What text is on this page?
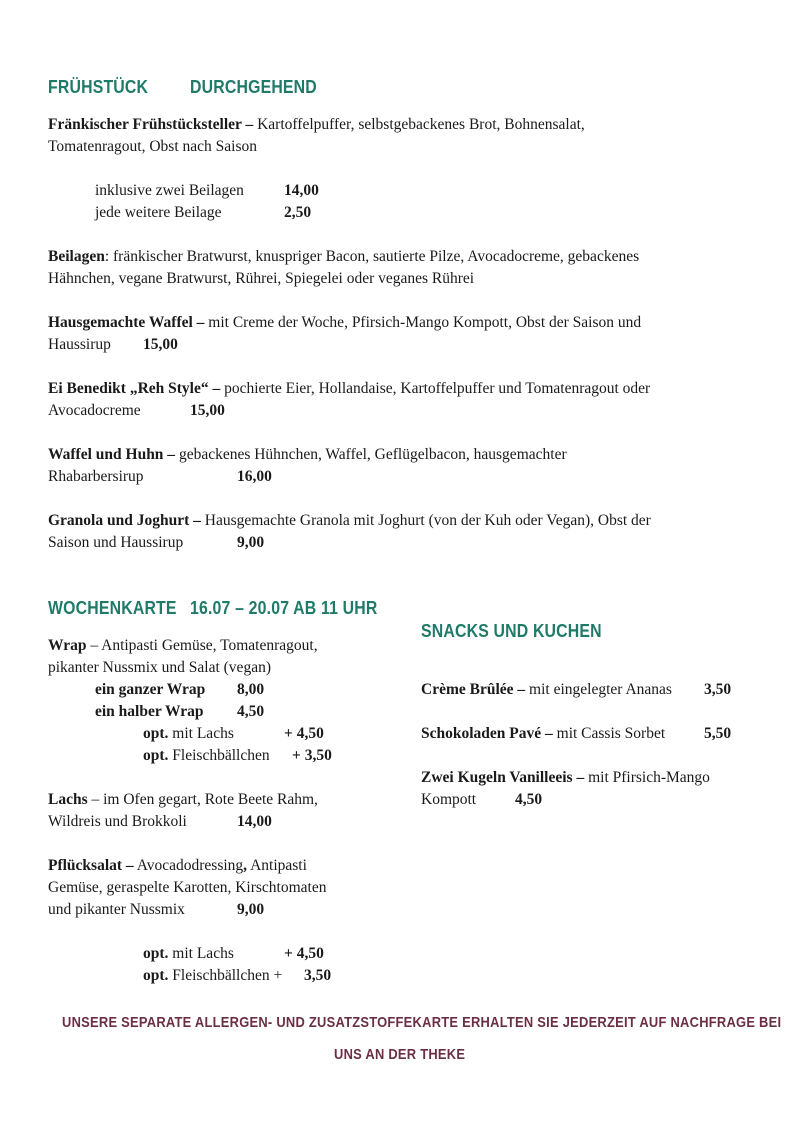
FRÜHSTÜCK DURCHGEHEND
Fränkischer Frühstücksteller – Kartoffelpuffer, selbstgebackenes Brot, Bohnensalat,
Tomatenragout, Obst nach Saison
inklusive zwei Beilagen	14,00
jede weitere Beilage	2,50
Beilagen: fränkischer Bratwurst, knuspriger Bacon, sautierte Pilze, Avocadocreme, gebackenes
Hähnchen, vegane Bratwurst, Rührei, Spiegelei oder veganes Rührei
Hausgemachte Waffel – mit Creme der Woche, Pfirsich-Mango Kompott, Obst der Saison und
Haussirup 15,00
Ei Benedikt „Reh Style“ – pochierte Eier, Hollandaise, Kartoffelpuffer und Tomatenragout oder
Avocadocreme	15,00
Waffel und Huhn – gebackenes Hühnchen, Waffel, Geflügelbacon, hausgemachter
Rhabarbersirup	16,00
Granola und Joghurt – Hausgemachte Granola mit Joghurt (von der Kuh oder Vegan), Obst der
Saison und Haussirup	9,00
WOCHENKARTE 16.07 – 20.07 AB 11 UHR
Wrap – Antipasti Gemüse, Tomatenragout,
pikanter Nussmix und Salat (vegan)
ein ganzer Wrap 8,00
ein halber Wrap 4,50
opt. mit Lachs	+ 4,50
opt. Fleischbällchen + 3,50
Lachs – im Ofen gegart, Rote Beete Rahm,
Wildreis und Brokkoli	14,00
Pflücksalat – Avocadodressing, Antipasti
Gemüse, geraspelte Karotten, Kirschtomaten
und pikanter Nussmix	9,00
opt. mit Lachs	+ 4,50
opt. Fleischbällchen + 3,50
SNACKS UND KUCHEN
Crème Brûlée – mit eingelegter Ananas 3,50
Schokoladen Pavé – mit Cassis Sorbet	5,50
Zwei Kugeln Vanilleeis – mit Pfirsich-Mango
Kompott	4,50
UNSERE SEPARATE ALLERGEN- UND ZUSATZSTOFFEKARTE ERHALTEN SIE JEDERZEIT AUF NACHFRAGE BEI
UNS AN DER THEKE
